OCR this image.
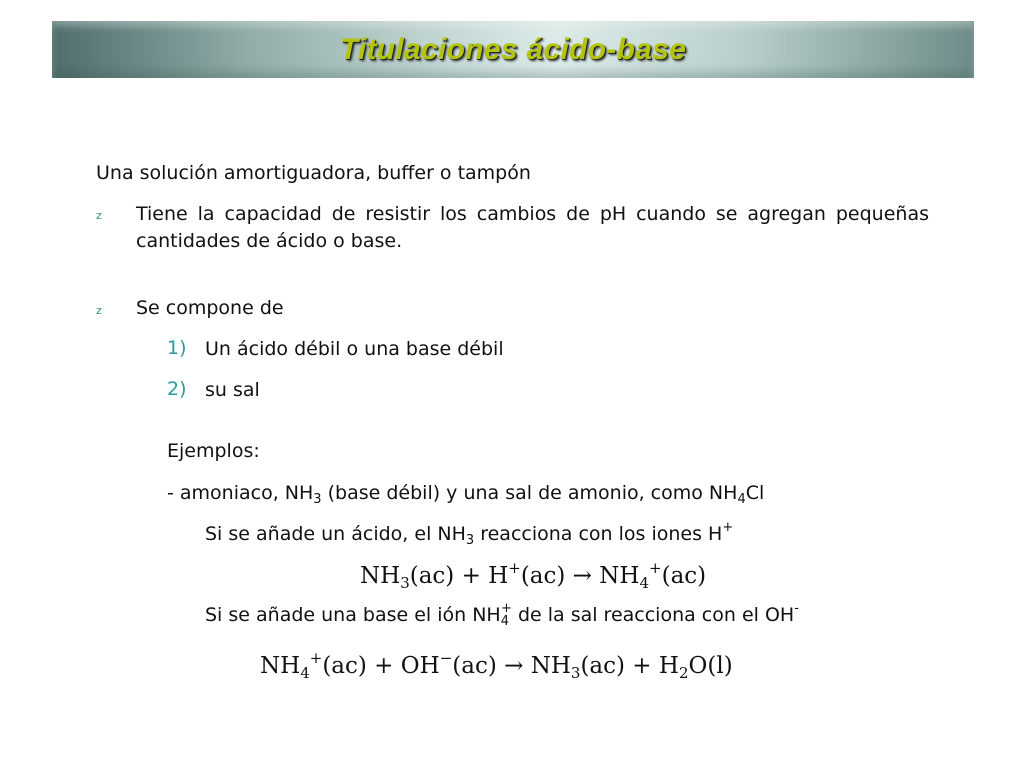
Titulaciones ácido-base
Una solución amortiguadora, buffer o tampón
z Tiene la capacidad de resistir los cambios de pH cuando se agregan pequeñas cantidades de ácido o base.
z Se compone de
1) Un ácido débil o una base débil
2) su sal
Ejemplos:
- amoniaco, $NH_3$ (base débil) y una sal de amonio, como $NH_4Cl$
Si se añade un ácido, el $NH_3$ reacciona con los iones H+
$NH_3(ac) + H^+(ac) \to NH_4^+(ac)$
Si se añade una base el ión $NH_4^+$ de la sal reacciona con el OH-
$NH_4^+(ac) + OH^-(ac) \to NH_3(ac) + H_2O(l)$
